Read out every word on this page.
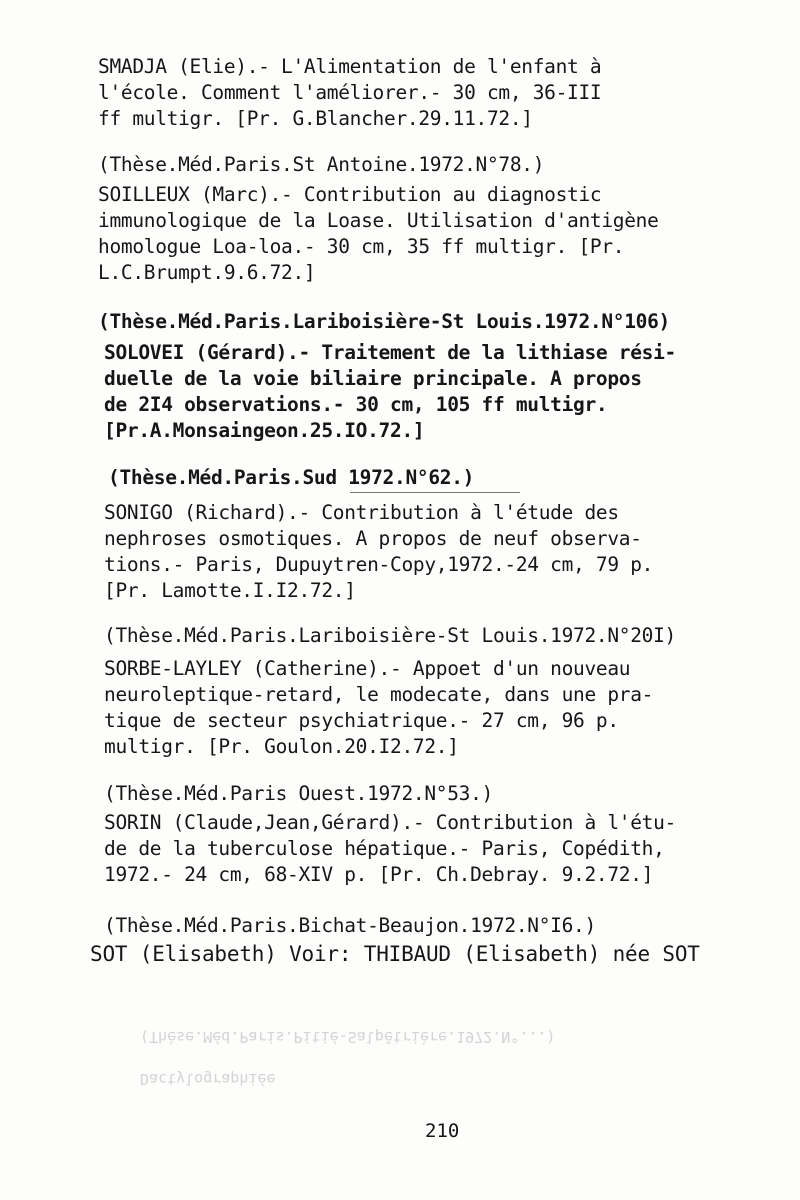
(Thèse.Méd.Paris.Pitié-Salpêtrière.1972.N°...)
Dactylographiée
SMADJA (Elie).- L'Alimentation de l'enfant à
l'école. Comment l'améliorer.- 30 cm, 36-III
ff multigr. [Pr. G.Blancher.29.11.72.]
(Thèse.Méd.Paris.St Antoine.1972.N°78.)
SOILLEUX (Marc).- Contribution au diagnostic
immunologique de la Loase. Utilisation d'antigène
homologue Loa-loa.- 30 cm, 35 ff multigr. [Pr.
L.C.Brumpt.9.6.72.]
(Thèse.Méd.Paris.Lariboisière-St Louis.1972.N°106)
SOLOVEI (Gérard).- Traitement de la lithiase rési-
duelle de la voie biliaire principale. A propos
de 2I4 observations.- 30 cm, 105 ff multigr.
[Pr.A.Monsaingeon.25.IO.72.]
(Thèse.Méd.Paris.Sud 1972.N°62.)
SONIGO (Richard).- Contribution à l'étude des
nephroses osmotiques. A propos de neuf observa-
tions.- Paris, Dupuytren-Copy,1972.-24 cm, 79 p.
[Pr. Lamotte.I.I2.72.]
(Thèse.Méd.Paris.Lariboisière-St Louis.1972.N°20I)
SORBE-LAYLEY (Catherine).- Appoet d'un nouveau
neuroleptique-retard, le modecate, dans une pra-
tique de secteur psychiatrique.- 27 cm, 96 p.
multigr. [Pr. Goulon.20.I2.72.]
(Thèse.Méd.Paris Ouest.1972.N°53.)
SORIN (Claude,Jean,Gérard).- Contribution à l'étu-
de de la tuberculose hépatique.- Paris, Copédith,
1972.- 24 cm, 68-XIV p. [Pr. Ch.Debray. 9.2.72.]
(Thèse.Méd.Paris.Bichat-Beaujon.1972.N°I6.)
SOT (Elisabeth) Voir: THIBAUD (Elisabeth) née SOT
210
